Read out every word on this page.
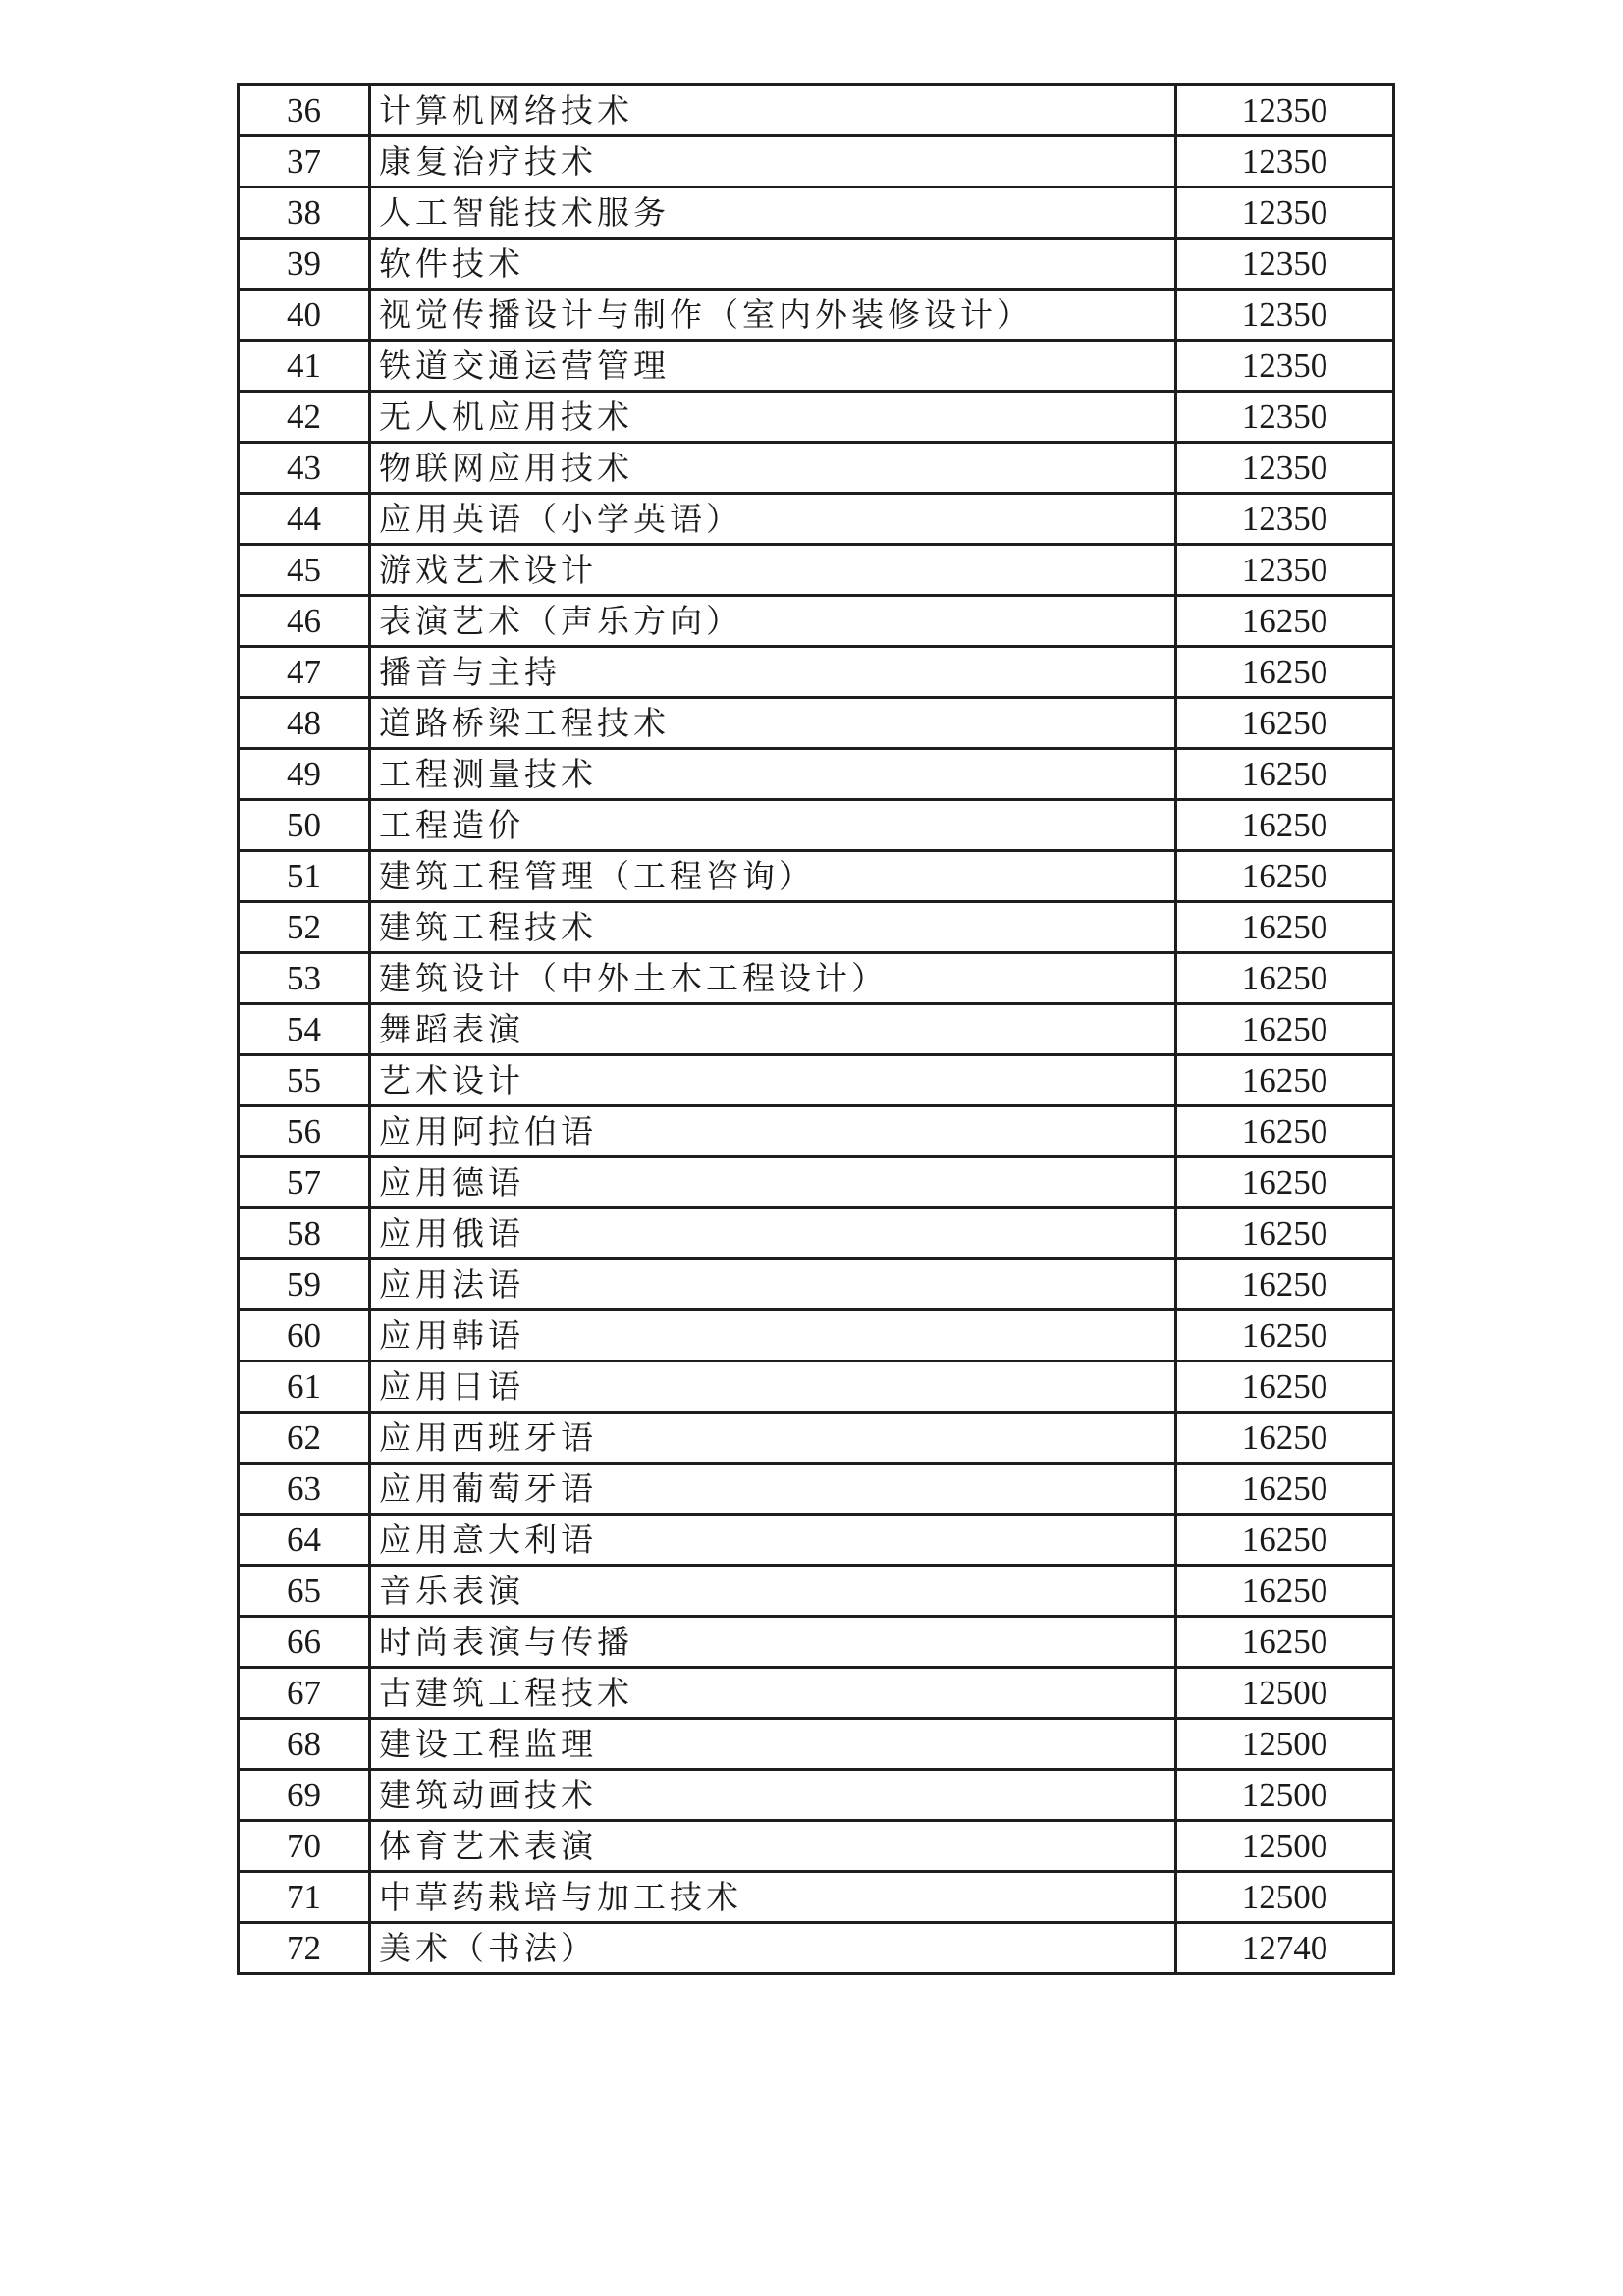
36	计算机网络技术	12350
37	康复治疗技术	12350
38	人工智能技术服务	12350
39	软件技术	12350
40	视觉传播设计与制作（室内外装修设计）	12350
41	铁道交通运营管理	12350
42	无人机应用技术	12350
43	物联网应用技术	12350
44	应用英语（小学英语）	12350
45	游戏艺术设计	12350
46	表演艺术（声乐方向）	16250
47	播音与主持	16250
48	道路桥梁工程技术	16250
49	工程测量技术	16250
50	工程造价	16250
51	建筑工程管理（工程咨询）	16250
52	建筑工程技术	16250
53	建筑设计（中外土木工程设计）	16250
54	舞蹈表演	16250
55	艺术设计	16250
56	应用阿拉伯语	16250
57	应用德语	16250
58	应用俄语	16250
59	应用法语	16250
60	应用韩语	16250
61	应用日语	16250
62	应用西班牙语	16250
63	应用葡萄牙语	16250
64	应用意大利语	16250
65	音乐表演	16250
66	时尚表演与传播	16250
67	古建筑工程技术	12500
68	建设工程监理	12500
69	建筑动画技术	12500
70	体育艺术表演	12500
71	中草药栽培与加工技术	12500
72	美术（书法）	12740
